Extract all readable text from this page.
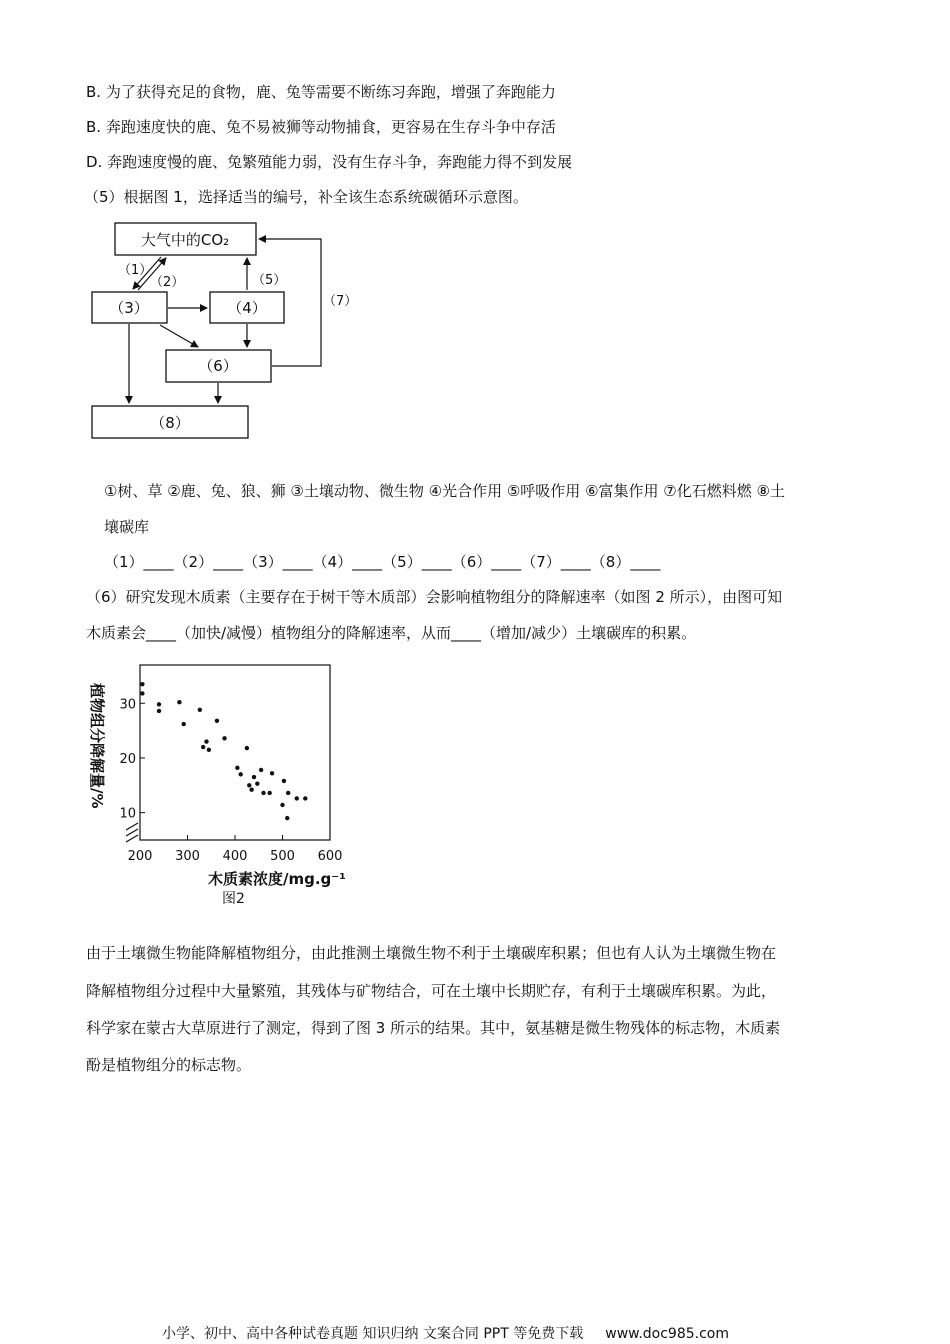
B. 为了获得充足的食物，鹿、兔等需要不断练习奔跑，增强了奔跑能力
B. 奔跑速度快的鹿、兔不易被狮等动物捕食，更容易在生存斗争中存活
D. 奔跑速度慢的鹿、兔繁殖能力弱，没有生存斗争，奔跑能力得不到发展
（5）根据图 1，选择适当的编号，补全该生态系统碳循环示意图。
大气中的CO₂
（3）	（4）
（6）
（8）
（1）
（2）	（5）
（7）
①树、草 ②鹿、兔、狼、狮 ③土壤动物、微生物 ④光合作用 ⑤呼吸作用 ⑥富集作用 ⑦化石燃料燃 ⑧土
壤碳库
（1）____（2）____（3）____（4）____（5）____（6）____（7）____（8）____
（6）研究发现木质素（主要存在于树干等木质部）会影响植物组分的降解速率（如图 2 所示），由图可知
木质素会____（加快/减慢）植物组分的降解速率，从而____（增加/减少）土壤碳库的积累。
植物组分降解量/%
木质素浓度/mg.g⁻¹
图2
200 300 400 500 600
10
20
30
由于土壤微生物能降解植物组分，由此推测土壤微生物不利于土壤碳库积累；但也有人认为土壤微生物在
降解植物组分过程中大量繁殖，其残体与矿物结合，可在土壤中长期贮存，有利于土壤碳库积累。为此，
科学家在蒙古大草原进行了测定，得到了图 3 所示的结果。其中，氨基糖是微生物残体的标志物，木质素
酚是植物组分的标志物。
小学、初中、高中各种试卷真题 知识归纳 文案合同 PPT 等免费下载 www.doc985.com
